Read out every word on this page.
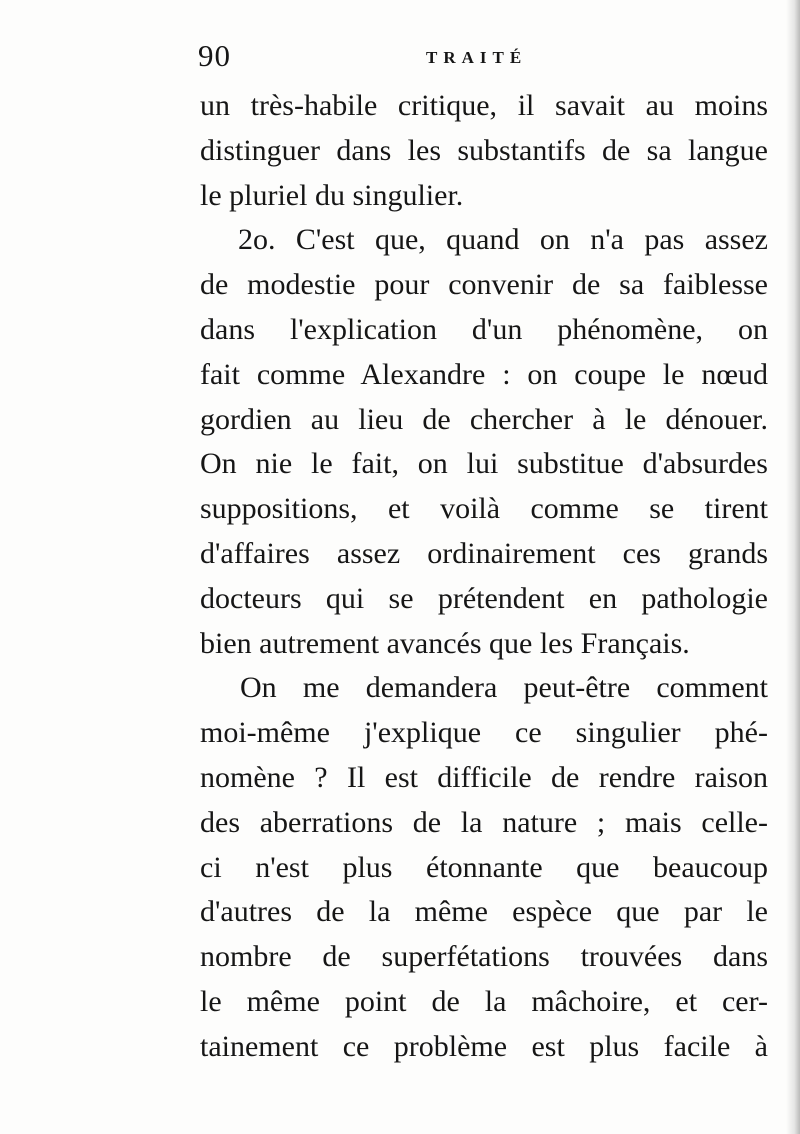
90	TRAITÉ
un très-habile critique, il savait au moins
distinguer dans les substantifs de sa langue
le pluriel du singulier.
2o. C'est que, quand on n'a pas assez
de modestie pour convenir de sa faiblesse
dans l'explication d'un phénomène, on
fait comme Alexandre : on coupe le nœud
gordien au lieu de chercher à le dénouer.
On nie le fait, on lui substitue d'absurdes
suppositions, et voilà comme se tirent
d'affaires assez ordinairement ces grands
docteurs qui se prétendent en pathologie
bien autrement avancés que les Français.
On me demandera peut-être comment
moi-même j'explique ce singulier phé-
nomène ? Il est difficile de rendre raison
des aberrations de la nature ; mais celle-
ci n'est plus étonnante que beaucoup
d'autres de la même espèce que par le
nombre de superfétations trouvées dans
le même point de la mâchoire, et cer-
tainement ce problème est plus facile à
